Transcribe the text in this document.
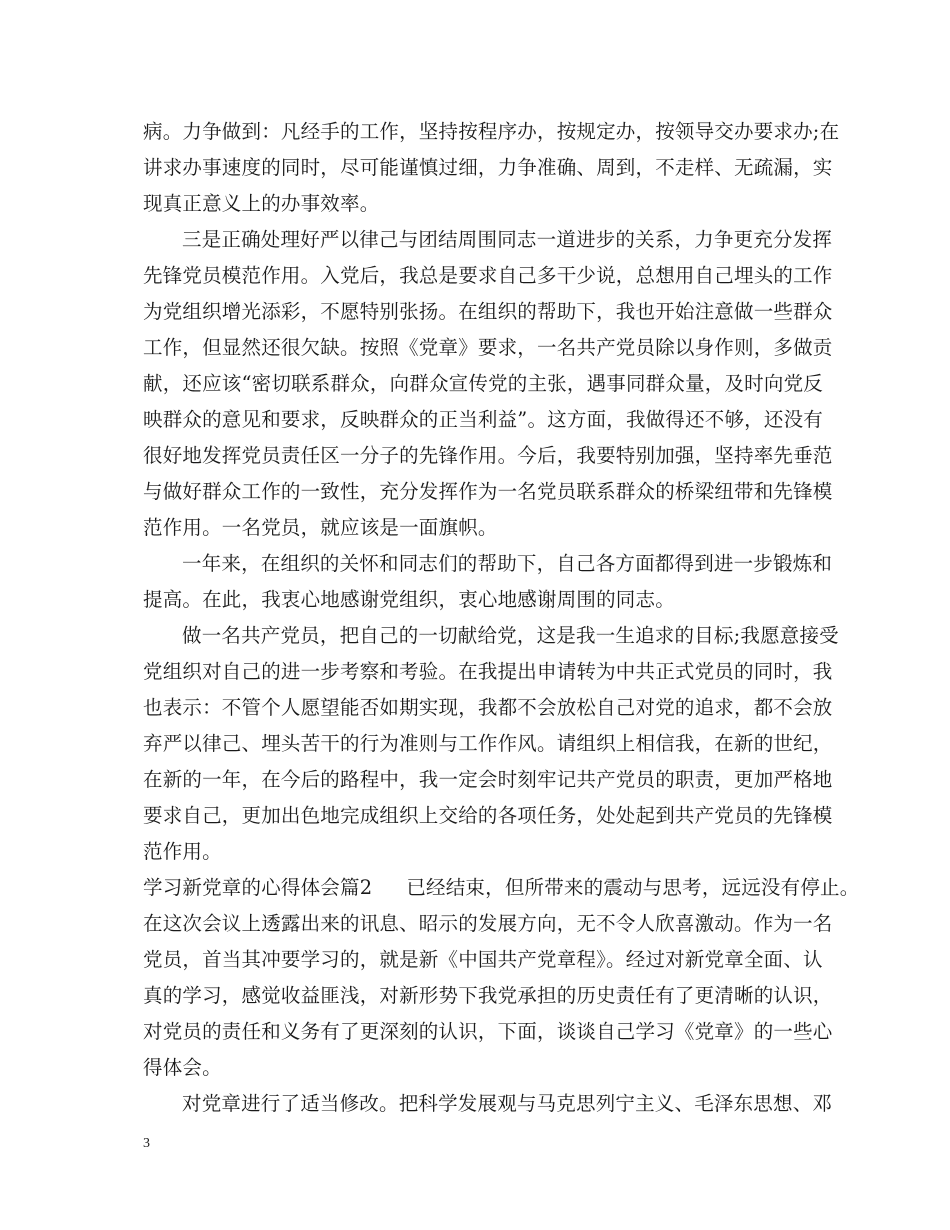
病。力争做到：凡经手的工作，坚持按程序办，按规定办，按领导交办要求办;在
讲求办事速度的同时，尽可能谨慎过细，力争准确、周到，不走样、无疏漏，实
现真正意义上的办事效率。
三是正确处理好严以律己与团结周围同志一道进步的关系，力争更充分发挥
先锋党员模范作用。入党后，我总是要求自己多干少说，总想用自己埋头的工作
为党组织增光添彩，不愿特别张扬。在组织的帮助下，我也开始注意做一些群众
工作，但显然还很欠缺。按照《党章》要求，一名共产党员除以身作则，多做贡
献，还应该“密切联系群众，向群众宣传党的主张，遇事同群众量，及时向党反
映群众的意见和要求，反映群众的正当利益”。这方面，我做得还不够，还没有
很好地发挥党员责任区一分子的先锋作用。今后，我要特别加强，坚持率先垂范
与做好群众工作的一致性，充分发挥作为一名党员联系群众的桥梁纽带和先锋模
范作用。一名党员，就应该是一面旗帜。
一年来，在组织的关怀和同志们的帮助下，自己各方面都得到进一步锻炼和
提高。在此，我衷心地感谢党组织，衷心地感谢周围的同志。
做一名共产党员，把自己的一切献给党，这是我一生追求的目标;我愿意接受
党组织对自己的进一步考察和考验。在我提出申请转为中共正式党员的同时，我
也表示：不管个人愿望能否如期实现，我都不会放松自己对党的追求，都不会放
弃严以律己、埋头苦干的行为准则与工作作风。请组织上相信我，在新的世纪，
在新的一年，在今后的路程中，我一定会时刻牢记共产党员的职责，更加严格地
要求自己，更加出色地完成组织上交给的各项任务，处处起到共产党员的先锋模
范作用。
学习新党章的心得体会篇2 已经结束，但所带来的震动与思考，远远没有停止。
在这次会议上透露出来的讯息、昭示的发展方向，无不令人欣喜激动。作为一名
党员，首当其冲要学习的，就是新《中国共产党章程》。经过对新党章全面、认
真的学习，感觉收益匪浅，对新形势下我党承担的历史责任有了更清晰的认识，
对党员的责任和义务有了更深刻的认识，下面，谈谈自己学习《党章》的一些心
得体会。
对党章进行了适当修改。把科学发展观与马克思列宁主义、毛泽东思想、邓
3
